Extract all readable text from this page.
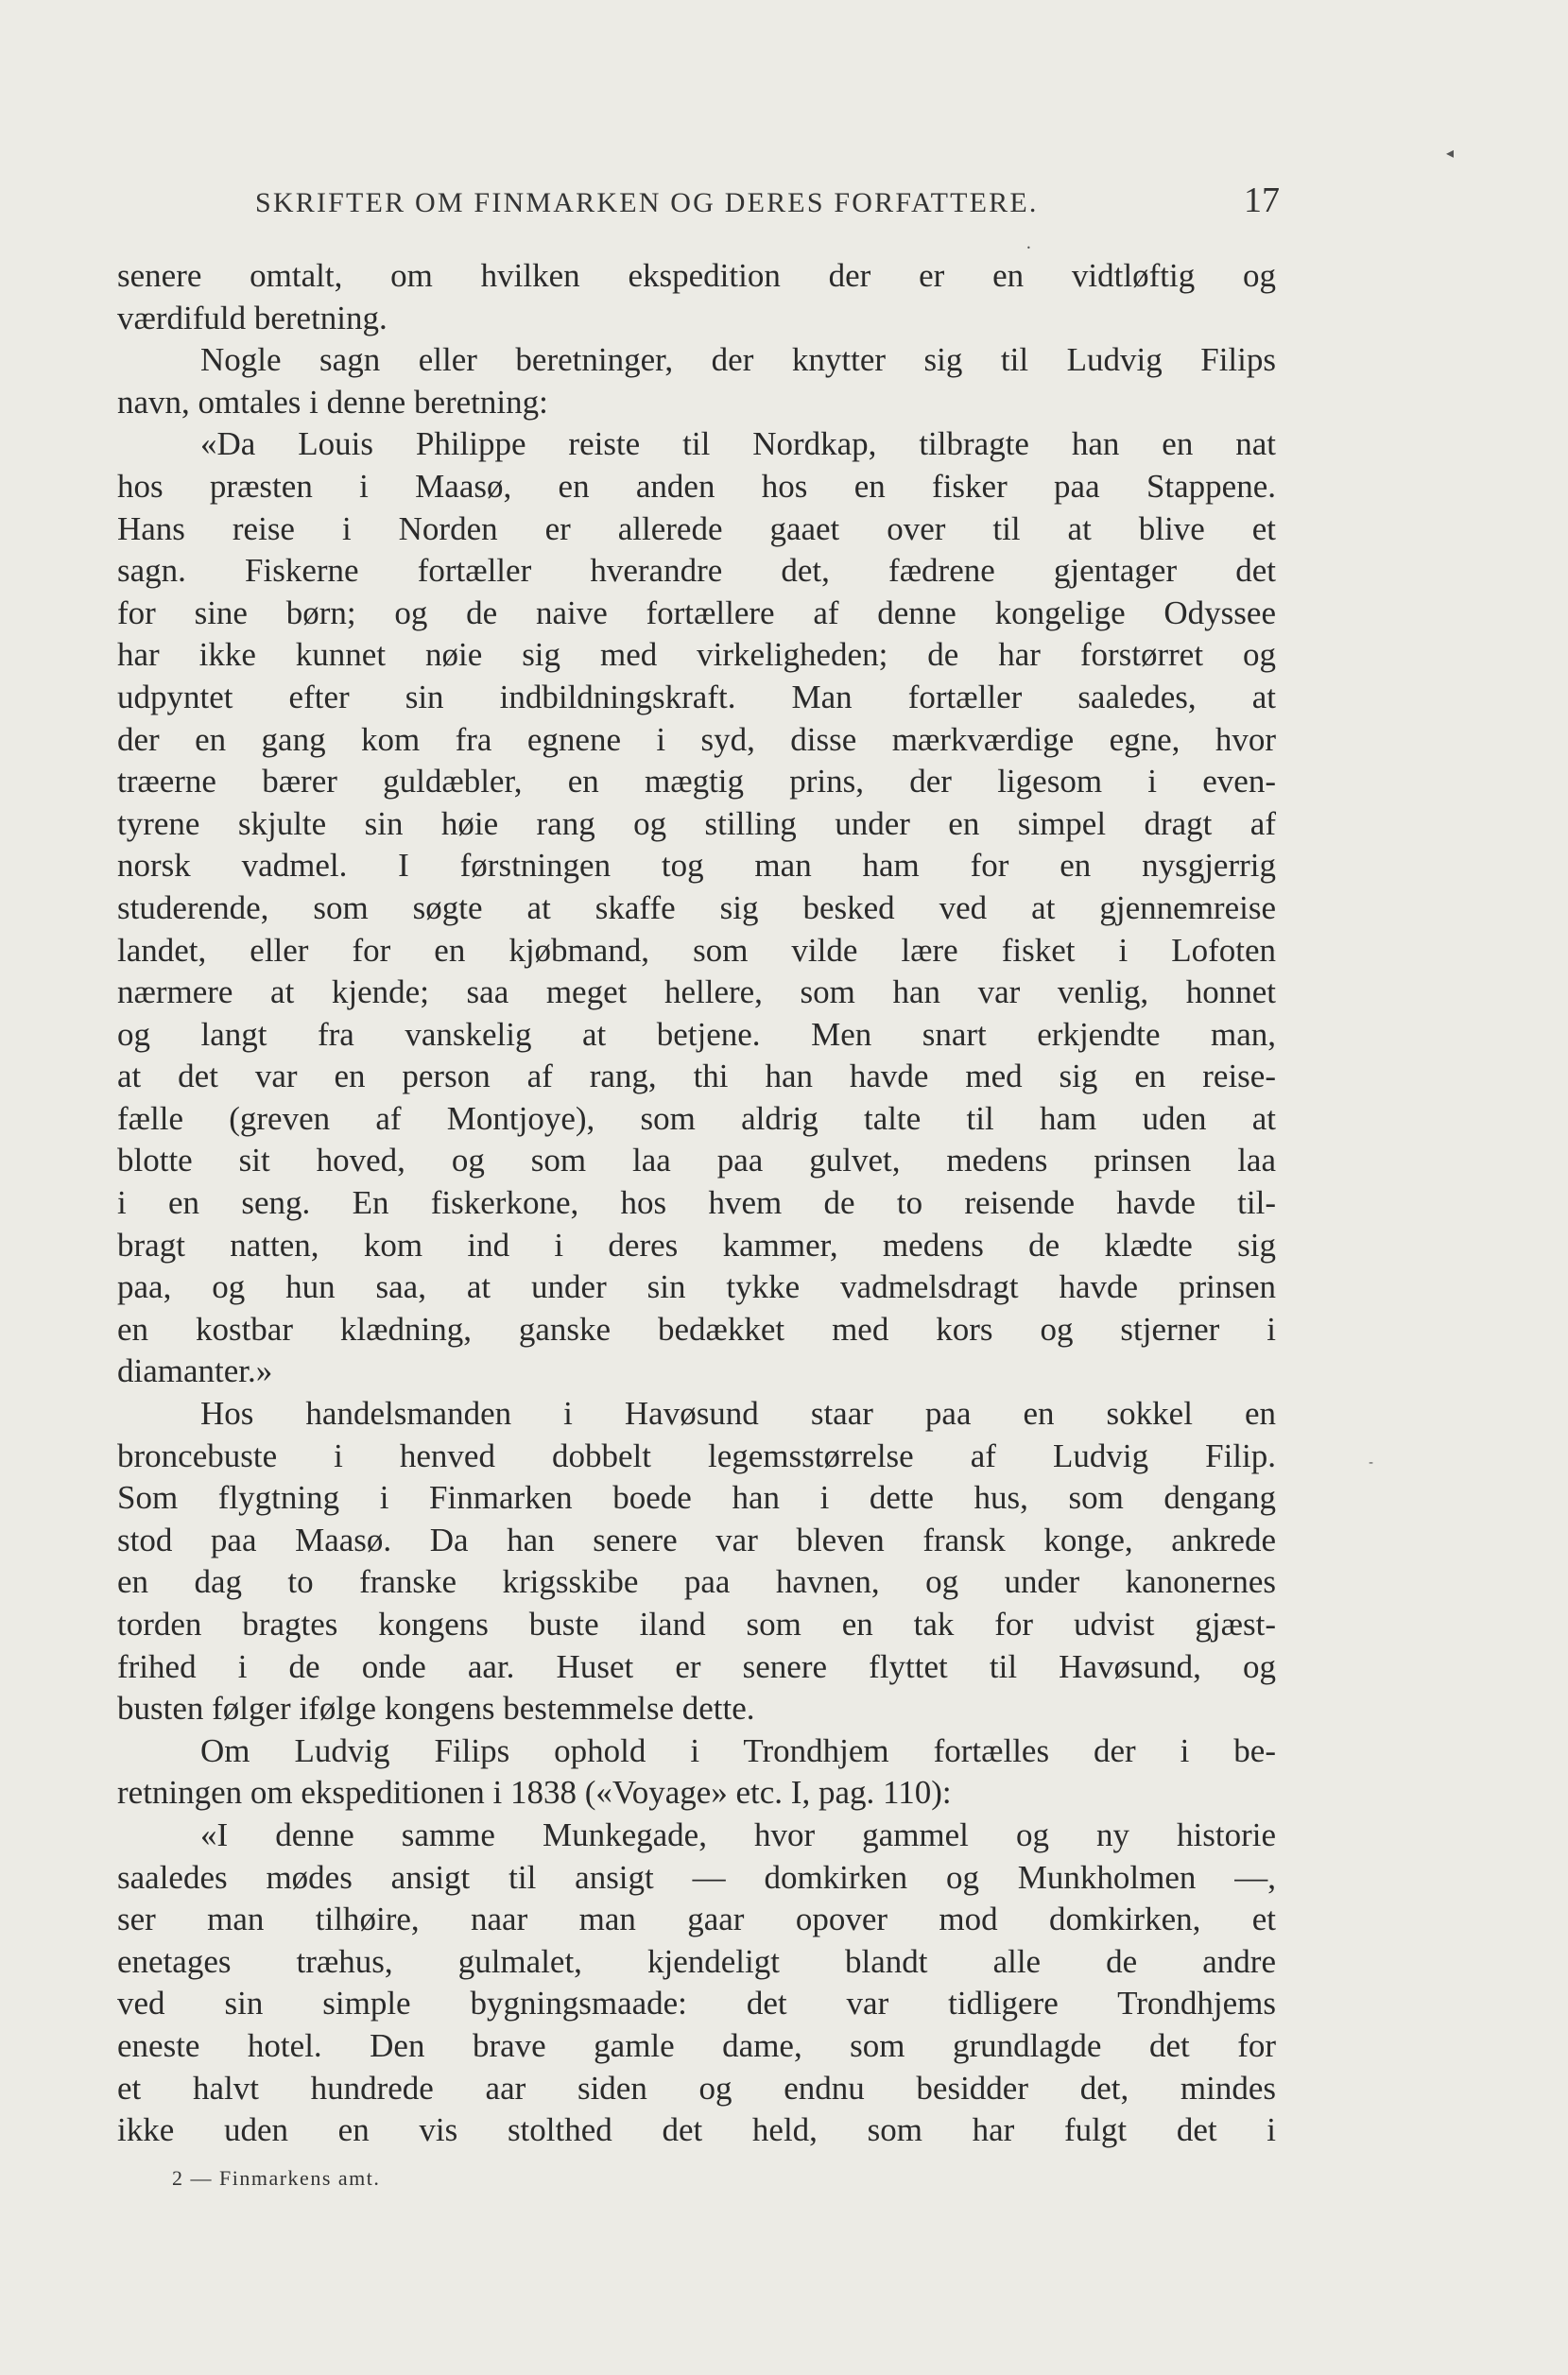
SKRIFTER OM FINMARKEN OG DERES FORFATTERE.	17
senere omtalt, om hvilken ekspedition der er en vidtløftig og
værdifuld beretning.
Nogle sagn eller beretninger, der knytter sig til Ludvig Filips
navn, omtales i denne beretning:
«Da Louis Philippe reiste til Nordkap, tilbragte han en nat
hos præsten i Maasø, en anden hos en fisker paa Stappene.
Hans reise i Norden er allerede gaaet over til at blive et
sagn. Fiskerne fortæller hverandre det, fædrene gjentager det
for sine børn; og de naive fortællere af denne kongelige Odyssee
har ikke kunnet nøie sig med virkeligheden; de har forstørret og
udpyntet efter sin indbildningskraft. Man fortæller saaledes, at
der en gang kom fra egnene i syd, disse mærkværdige egne, hvor
træerne bærer guldæbler, en mægtig prins, der ligesom i even-
tyrene skjulte sin høie rang og stilling under en simpel dragt af
norsk vadmel. I førstningen tog man ham for en nysgjerrig
studerende, som søgte at skaffe sig besked ved at gjennemreise
landet, eller for en kjøbmand, som vilde lære fisket i Lofoten
nærmere at kjende; saa meget hellere, som han var venlig, honnet
og langt fra vanskelig at betjene. Men snart erkjendte man,
at det var en person af rang, thi han havde med sig en reise-
fælle (greven af Montjoye), som aldrig talte til ham uden at
blotte sit hoved, og som laa paa gulvet, medens prinsen laa
i en seng. En fiskerkone, hos hvem de to reisende havde til-
bragt natten, kom ind i deres kammer, medens de klædte sig
paa, og hun saa, at under sin tykke vadmelsdragt havde prinsen
en kostbar klædning, ganske bedækket med kors og stjerner i
diamanter.»
Hos handelsmanden i Havøsund staar paa en sokkel en
broncebuste i henved dobbelt legemsstørrelse af Ludvig Filip.
Som flygtning i Finmarken boede han i dette hus, som dengang
stod paa Maasø. Da han senere var bleven fransk konge, ankrede
en dag to franske krigsskibe paa havnen, og under kanonernes
torden bragtes kongens buste iland som en tak for udvist gjæst-
frihed i de onde aar. Huset er senere flyttet til Havøsund, og
busten følger ifølge kongens bestemmelse dette.
Om Ludvig Filips ophold i Trondhjem fortælles der i be-
retningen om ekspeditionen i 1838 («Voyage» etc. I, pag. 110):
«I denne samme Munkegade, hvor gammel og ny historie
saaledes mødes ansigt til ansigt — domkirken og Munkholmen —,
ser man tilhøire, naar man gaar opover mod domkirken, et
enetages træhus, gulmalet, kjendeligt blandt alle de andre
ved sin simple bygningsmaade: det var tidligere Trondhjems
eneste hotel. Den brave gamle dame, som grundlagde det for
et halvt hundrede aar siden og endnu besidder det, mindes
ikke uden en vis stolthed det held, som har fulgt det i
2 — Finmarkens amt.
◂
•
-
